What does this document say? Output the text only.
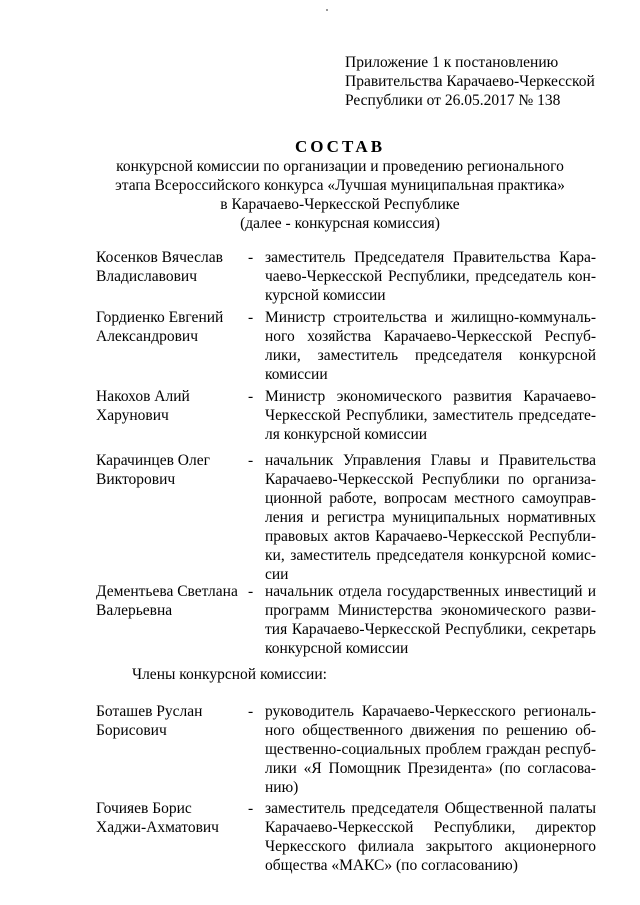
Приложение 1 к постановлению
Правительства Карачаево-Черкесской
Республики от 26.05.2017 № 138
СОСТАВ
конкурсной комиссии по организации и проведению регионального
этапа Всероссийского конкурса «Лучшая муниципальная практика»
в Карачаево-Черкесской Республике
(далее - конкурсная комиссия)
Косенков Вячеслав
Владиславович
- заместитель Председателя Правительства Кара-
чаево-Черкесской Республики, председатель кон-
курсной комиссии
Гордиенко Евгений
Александрович
- Министр строительства и жилищно-коммуналь-
ного хозяйства Карачаево-Черкесской Респуб-
лики, заместитель председателя конкурсной
комиссии
Накохов Алий
Харунович
- Министр экономического развития Карачаево-
Черкесской Республики, заместитель председате-
ля конкурсной комиссии
Карачинцев Олег
Викторович
- начальник Управления Главы и Правительства
Карачаево-Черкесской Республики по организа-
ционной работе, вопросам местного самоуправ-
ления и регистра муниципальных нормативных
правовых актов Карачаево-Черкесской Республи-
ки, заместитель председателя конкурсной комис-
сии
Дементьева Светлана
Валерьевна
- начальник отдела государственных инвестиций и
программ Министерства экономического разви-
тия Карачаево-Черкесской Республики, секретарь
конкурсной комиссии
Члены конкурсной комиссии:
Боташев Руслан
Борисович
- руководитель Карачаево-Черкесского региональ-
ного общественного движения по решению об-
щественно-социальных проблем граждан респуб-
лики «Я Помощник Президента» (по согласова-
нию)
Гочияев Борис
Хаджи-Ахматович
- заместитель председателя Общественной палаты
Карачаево-Черкесской Республики, директор
Черкесского филиала закрытого акционерного
общества «МАКС» (по согласованию)
